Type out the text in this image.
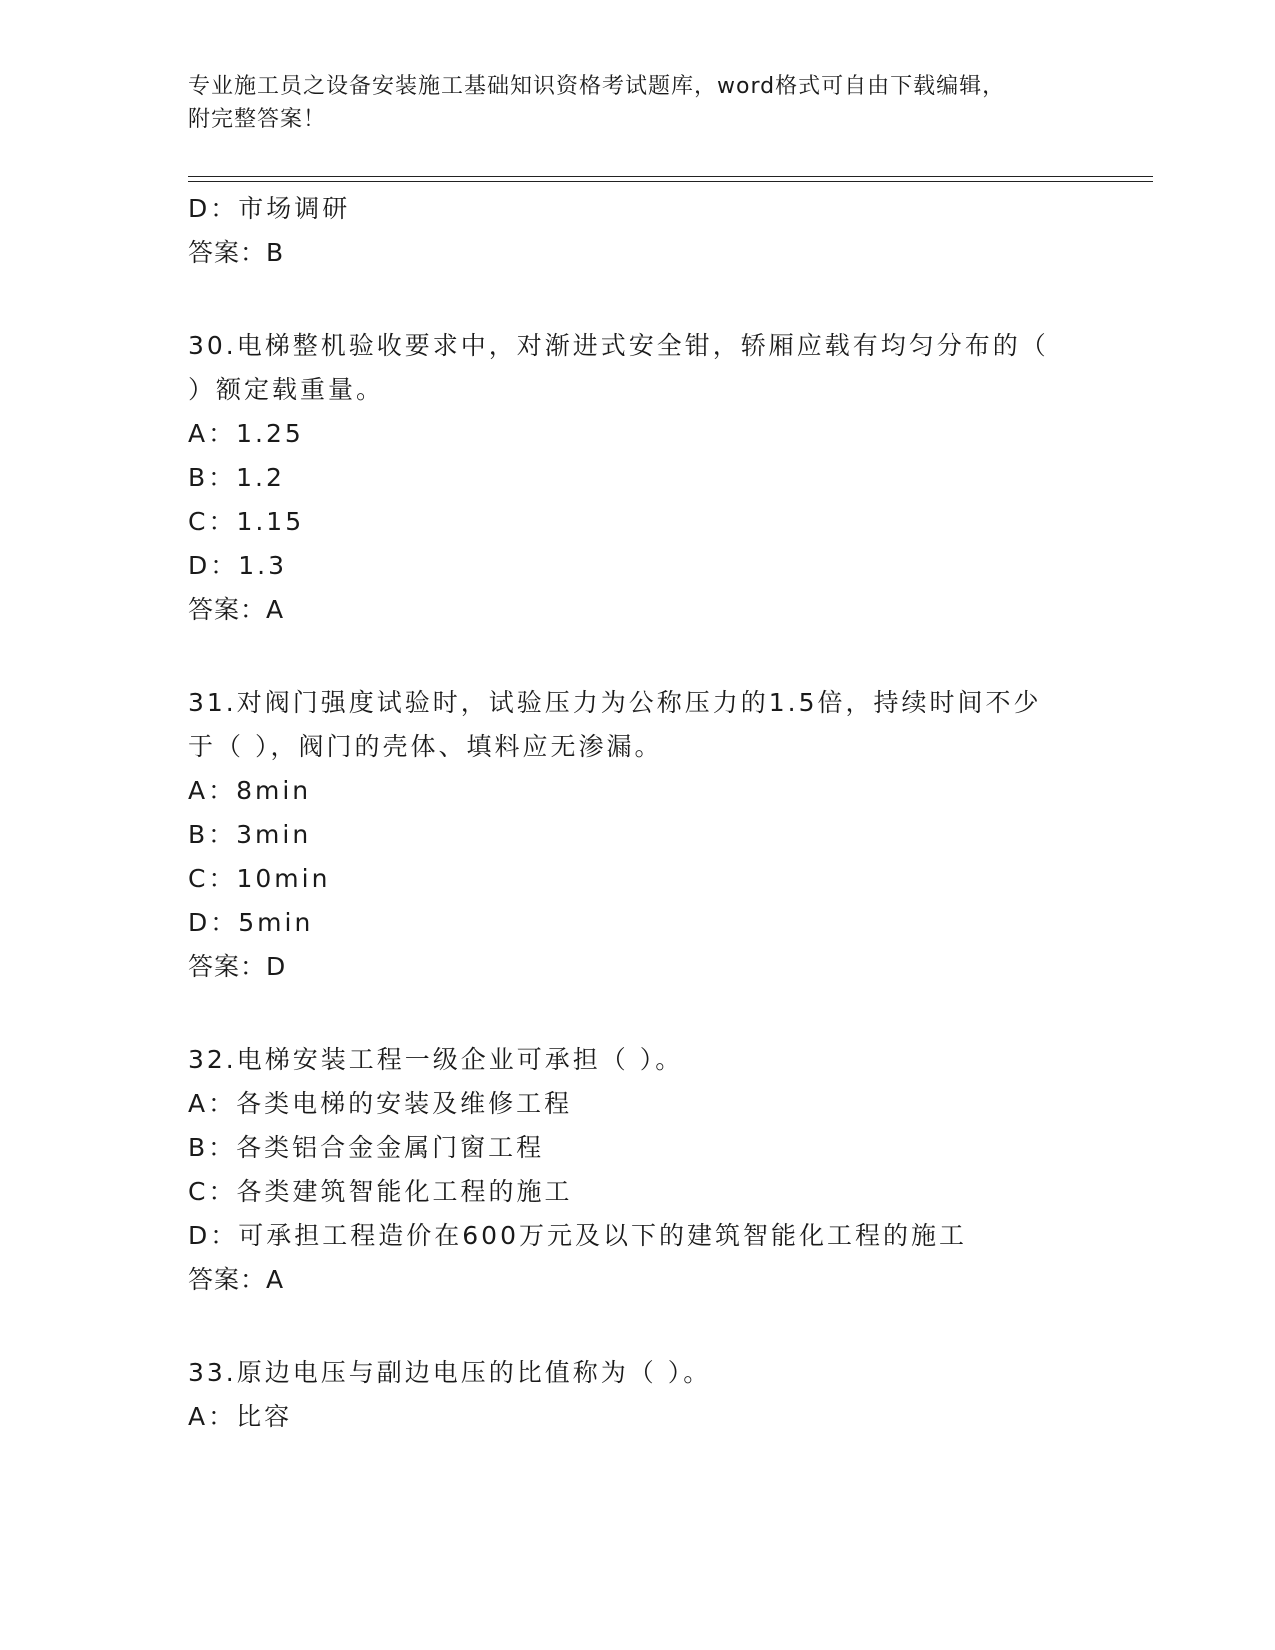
专业施工员之设备安装施工基础知识资格考试题库，word格式可自由下载编辑，
附完整答案！
D：市场调研
答案：B
30.电梯整机验收要求中，对渐进式安全钳，轿厢应载有均匀分布的（
）额定载重量。
A：1.25
B：1.2
C：1.15
D：1.3
答案：A
31.对阀门强度试验时，试验压力为公称压力的1.5倍，持续时间不少
于（ ），阀门的壳体、填料应无渗漏。
A：8min
B：3min
C：10min
D：5min
答案：D
32.电梯安装工程一级企业可承担（ ）。
A：各类电梯的安装及维修工程
B：各类铝合金金属门窗工程
C：各类建筑智能化工程的施工
D：可承担工程造价在600万元及以下的建筑智能化工程的施工
答案：A
33.原边电压与副边电压的比值称为（ ）。
A：比容
